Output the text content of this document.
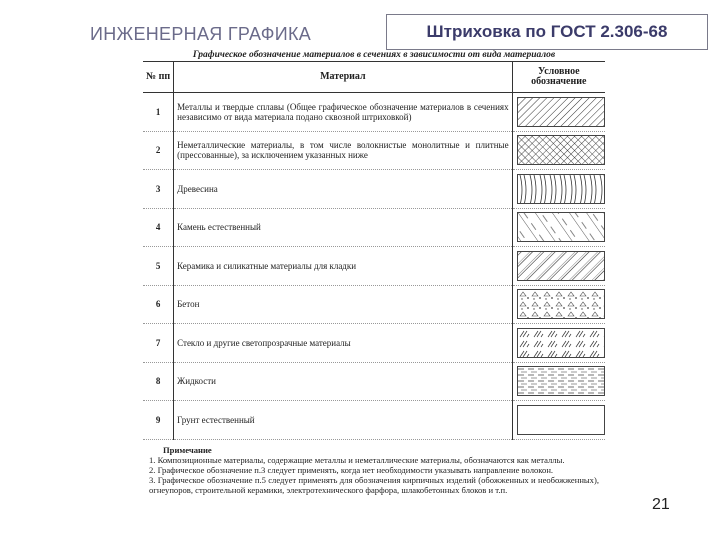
ИНЖЕНЕРНАЯ ГРАФИКА	Штриховка по ГОСТ 2.306-68
Графическое обозначение материалов в сечениях в зависимости от вида материалов
№ пп	Материал	Условное обозначение
1	Металлы и твердые сплавы (Общее графическое обозначение материалов в сечениях независимо от вида материала подано сквозной штриховкой)	

2	Неметаллические материалы, в том числе волокнистые монолитные и плитные (прессованные), за исключением указанных ниже	

3	Древесина	

4	Камень естественный	

5	Керамика и силикатные материалы для кладки	

6	Бетон	

7	Стекло и другие светопрозрачные материалы	

8	Жидкости	

9	Грунт естественный	
Примечание
1. Композиционные материалы, содержащие металлы и неметаллические материалы, обозначаются как металлы.
2. Графическое обозначение п.3 следует применять, когда нет необходимости указывать направление волокон.
3. Графическое обозначение п.5 следует применять для обозначения кирпичных изделий (обожженных и необожженных), огнеупоров, строительной керамики, электротехнического фарфора, шлакобетонных блоков и т.п.
21
